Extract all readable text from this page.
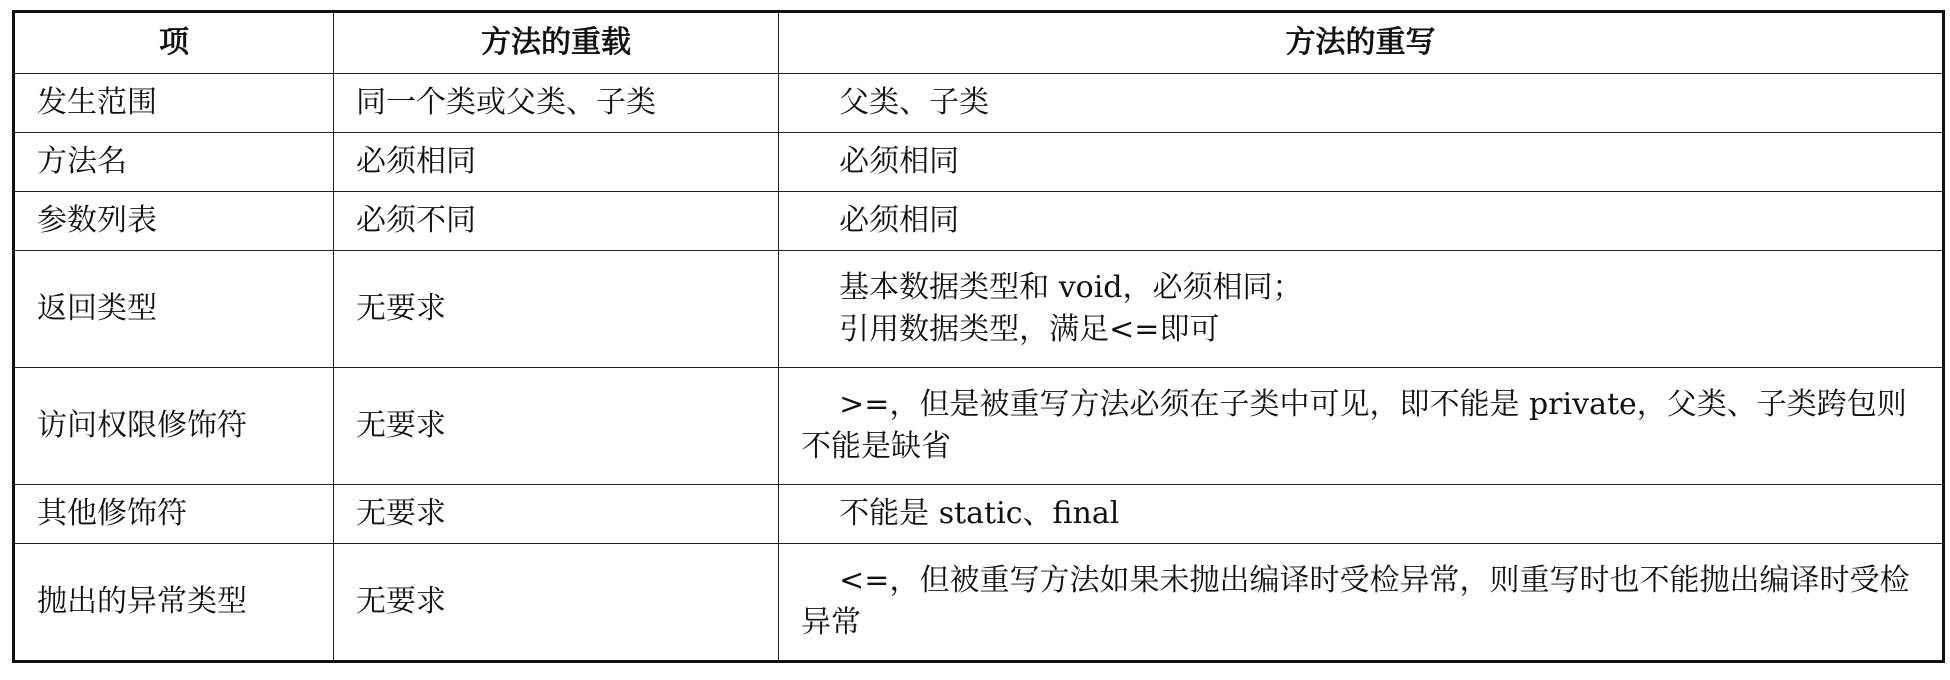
项	方法的重载	方法的重写
发生范围	同一个类或父类、子类	父类、子类

方法名	必须相同	必须相同

参数列表	必须不同	必须相同

返回类型	无要求	基本数据类型和 void，必须相同；
引用数据类型，满足<=即可

访问权限修饰符	无要求	>=，但是被重写方法必须在子类中可见，即不能是 private，父类、子类跨包则不能是缺省
其他修饰符	无要求	不能是 static、final

抛出的异常类型	无要求	<=，但被重写方法如果未抛出编译时受检异常，则重写时也不能抛出编译时受检异常
